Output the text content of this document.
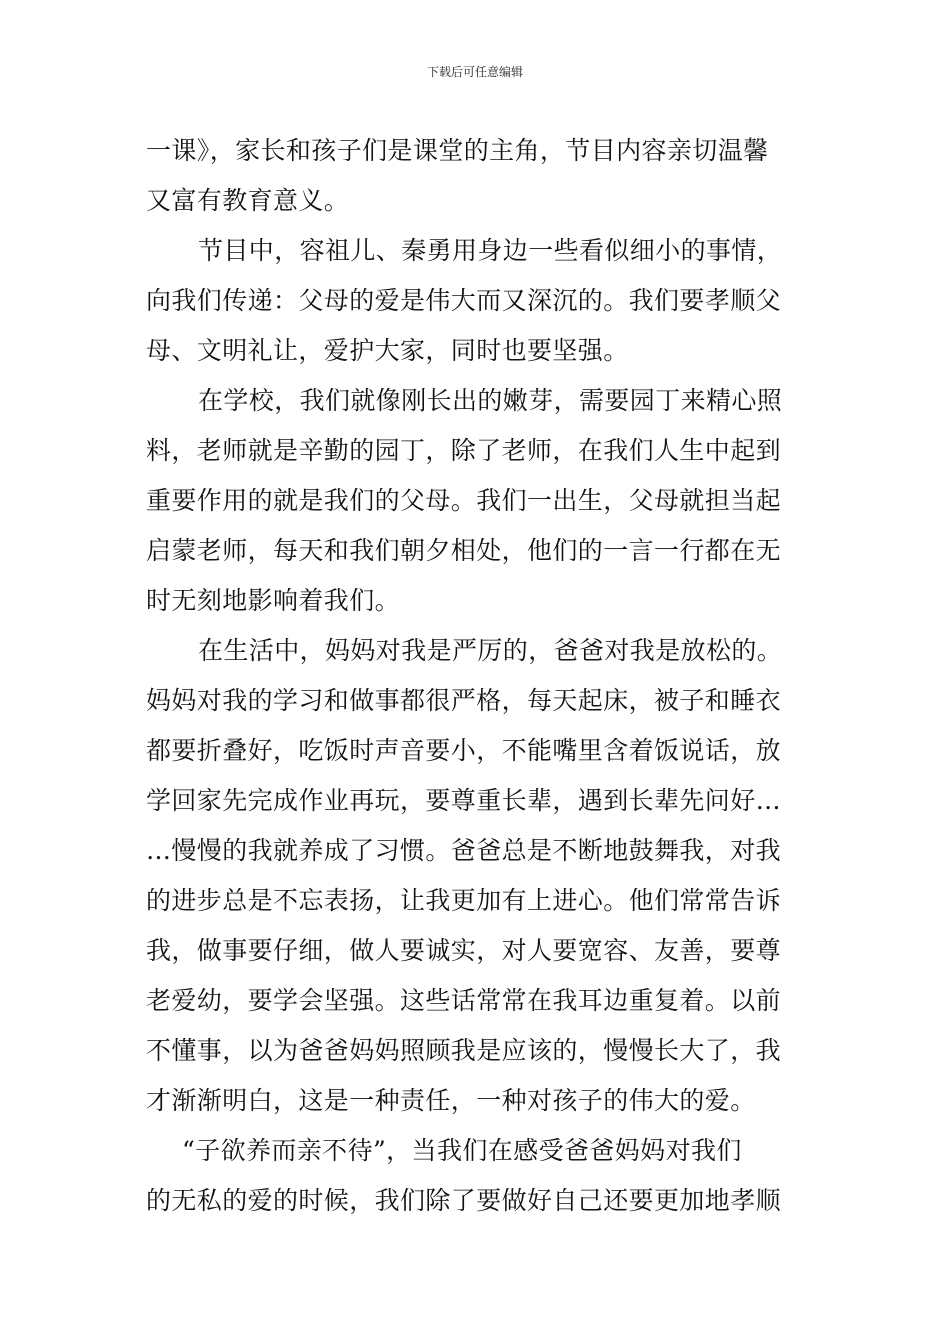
下载后可任意编辑
一课》，家长和孩子们是课堂的主角，节目内容亲切温馨
又富有教育意义。
节目中，容祖儿、秦勇用身边一些看似细小的事情，
向我们传递：父母的爱是伟大而又深沉的。我们要孝顺父
母、文明礼让，爱护大家，同时也要坚强。
在学校，我们就像刚长出的嫩芽，需要园丁来精心照
料，老师就是辛勤的园丁，除了老师，在我们人生中起到
重要作用的就是我们的父母。我们一出生，父母就担当起
启蒙老师，每天和我们朝夕相处，他们的一言一行都在无
时无刻地影响着我们。
在生活中，妈妈对我是严厉的，爸爸对我是放松的。
妈妈对我的学习和做事都很严格，每天起床，被子和睡衣
都要折叠好，吃饭时声音要小，不能嘴里含着饭说话，放
学回家先完成作业再玩，要尊重长辈，遇到长辈先问好…
…慢慢的我就养成了习惯。爸爸总是不断地鼓舞我，对我
的进步总是不忘表扬，让我更加有上进心。他们常常告诉
我，做事要仔细，做人要诚实，对人要宽容、友善，要尊
老爱幼，要学会坚强。这些话常常在我耳边重复着。以前
不懂事，以为爸爸妈妈照顾我是应该的，慢慢长大了，我
才渐渐明白，这是一种责任，一种对孩子的伟大的爱。
“子欲养而亲不待”，当我们在感受爸爸妈妈对我们
的无私的爱的时候，我们除了要做好自己还要更加地孝顺
